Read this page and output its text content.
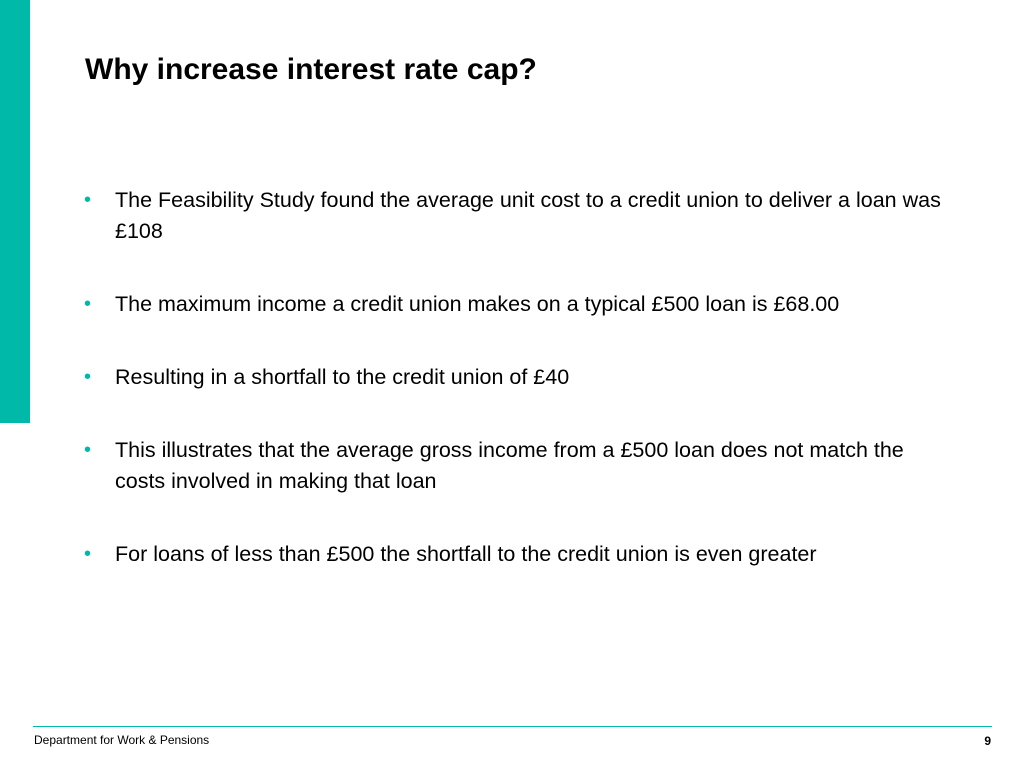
Why increase interest rate cap?
• The Feasibility Study found the average unit cost to a credit union to deliver a loan was £108
• The maximum income a credit union makes on a typical £500 loan is £68.00
• Resulting in a shortfall to the credit union of £40
• This illustrates that the average gross income from a £500 loan does not match the costs involved in making that loan
• For loans of less than £500 the shortfall to the credit union is even greater
Department for Work & Pensions	9
